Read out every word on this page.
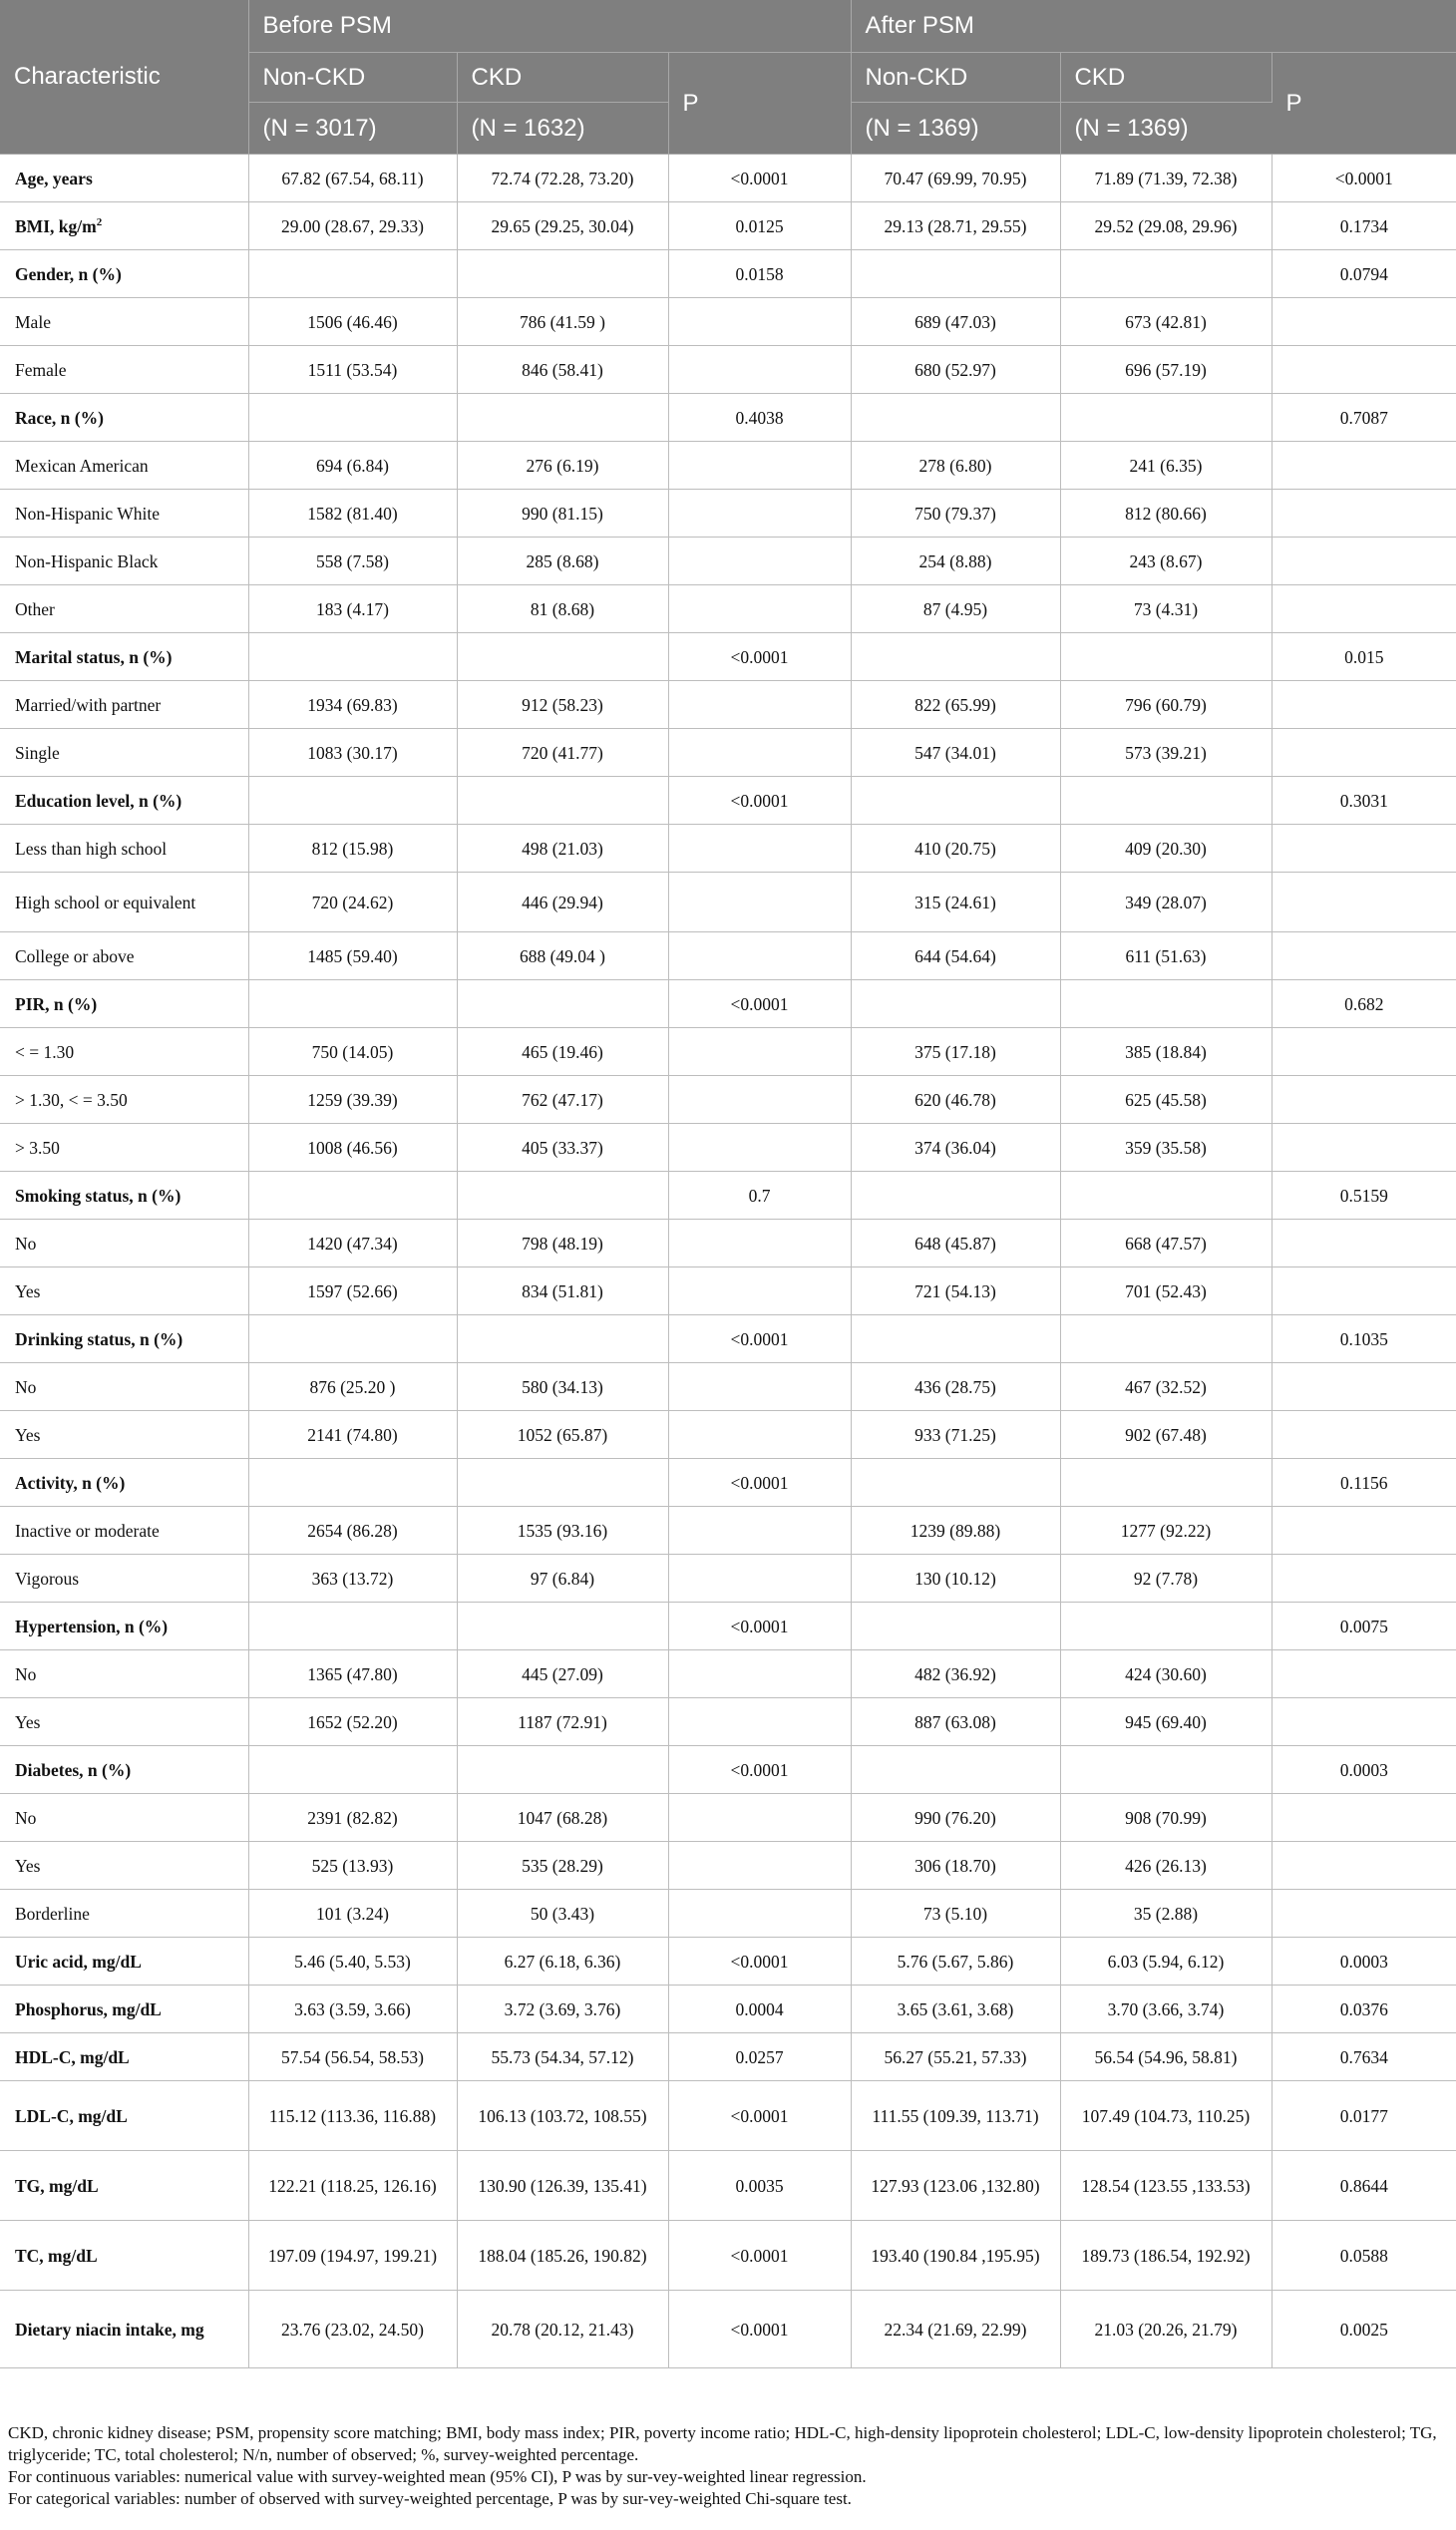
Characteristic	Before PSM			After PSM		
	Non-CKD	CKD	P	Non-CKD	CKD	P
	(N = 3017)	(N = 1632)		(N = 1369)	(N = 1369)	
Age, years	67.82 (67.54, 68.11)	72.74 (72.28, 73.20)	<0.0001	70.47 (69.99, 70.95)	71.89 (71.39, 72.38)	<0.0001
BMI, $kg/m^2$	29.00 (28.67, 29.33)	29.65 (29.25, 30.04)	0.0125	29.13 (28.71, 29.55)	29.52 (29.08, 29.96)	0.1734
Gender, n (%)			0.0158			0.0794
Male	1506 (46.46)	786 (41.59 )		689 (47.03)	673 (42.81)	
Female	1511 (53.54)	846 (58.41)		680 (52.97)	696 (57.19)	
Race, n (%)			0.4038			0.7087
Mexican American	694 (6.84)	276 (6.19)		278 (6.80)	241 (6.35)	
Non-Hispanic White	1582 (81.40)	990 (81.15)		750 (79.37)	812 (80.66)	
Non-Hispanic Black	558 (7.58)	285 (8.68)		254 (8.88)	243 (8.67)	
Other	183 (4.17)	81 (8.68)		87 (4.95)	73 (4.31)	
Marital status, n (%)			<0.0001			0.015
Married/with partner	1934 (69.83)	912 (58.23)		822 (65.99)	796 (60.79)	
Single	1083 (30.17)	720 (41.77)		547 (34.01)	573 (39.21)	
Education level, n (%)			<0.0001			0.3031
Less than high school	812 (15.98)	498 (21.03)		410 (20.75)	409 (20.30)	
High school or equivalent	720 (24.62)	446 (29.94)		315 (24.61)	349 (28.07)	
College or above	1485 (59.40)	688 (49.04 )		644 (54.64)	611 (51.63)	
PIR, n (%)			<0.0001			0.682
< = 1.30	750 (14.05)	465 (19.46)		375 (17.18)	385 (18.84)	
> 1.30, < = 3.50	1259 (39.39)	762 (47.17)		620 (46.78)	625 (45.58)	
> 3.50	1008 (46.56)	405 (33.37)		374 (36.04)	359 (35.58)	
Smoking status, n (%)			0.7			0.5159
No	1420 (47.34)	798 (48.19)		648 (45.87)	668 (47.57)	
Yes	1597 (52.66)	834 (51.81)		721 (54.13)	701 (52.43)	
Drinking status, n (%)			<0.0001			0.1035
No	876 (25.20 )	580 (34.13)		436 (28.75)	467 (32.52)	
Yes	2141 (74.80)	1052 (65.87)		933 (71.25)	902 (67.48)	
Activity, n (%)			<0.0001			0.1156
Inactive or moderate	2654 (86.28)	1535 (93.16)		1239 (89.88)	1277 (92.22)	
Vigorous	363 (13.72)	97 (6.84)		130 (10.12)	92 (7.78)	
Hypertension, n (%)			<0.0001			0.0075
No	1365 (47.80)	445 (27.09)		482 (36.92)	424 (30.60)	
Yes	1652 (52.20)	1187 (72.91)		887 (63.08)	945 (69.40)	
Diabetes, n (%)			<0.0001			0.0003
No	2391 (82.82)	1047 (68.28)		990 (76.20)	908 (70.99)	
Yes	525 (13.93)	535 (28.29)		306 (18.70)	426 (26.13)	
Borderline	101 (3.24)	50 (3.43)		73 (5.10)	35 (2.88)	
Uric acid, mg/dL	5.46 (5.40, 5.53)	6.27 (6.18, 6.36)	<0.0001	5.76 (5.67, 5.86)	6.03 (5.94, 6.12)	0.0003
Phosphorus, mg/dL	3.63 (3.59, 3.66)	3.72 (3.69, 3.76)	0.0004	3.65 (3.61, 3.68)	3.70 (3.66, 3.74)	0.0376
HDL-C, mg/dL	57.54 (56.54, 58.53)	55.73 (54.34, 57.12)	0.0257	56.27 (55.21, 57.33)	56.54 (54.96, 58.81)	0.7634
LDL-C, mg/dL	115.12 (113.36, 116.88)	106.13 (103.72, 108.55)	<0.0001	111.55 (109.39, 113.71)	107.49 (104.73, 110.25)	0.0177
TG, mg/dL	122.21 (118.25, 126.16)	130.90 (126.39, 135.41)	0.0035	127.93 (123.06 ,132.80)	128.54 (123.55 ,133.53)	0.8644
TC, mg/dL	197.09 (194.97, 199.21)	188.04 (185.26, 190.82)	<0.0001	193.40 (190.84 ,195.95)	189.73 (186.54, 192.92)	0.0588
Dietary niacin intake, mg	23.76 (23.02, 24.50)	20.78 (20.12, 21.43)	<0.0001	22.34 (21.69, 22.99)	21.03 (20.26, 21.79)	0.0025

CKD, chronic kidney disease; PSM, propensity score matching; BMI, body mass index; PIR, poverty income ratio; HDL-C, high-density lipoprotein cholesterol; LDL-C, low-density lipoprotein cholesterol; TG, triglyceride; TC, total cholesterol; N/n, number of observed; %, survey-weighted percentage.

For continuous variables: numerical value with survey-weighted mean (95% CI), P was by sur-vey-weighted linear regression.

For categorical variables: number of observed with survey-weighted percentage, P was by sur-vey-weighted Chi-square test.
